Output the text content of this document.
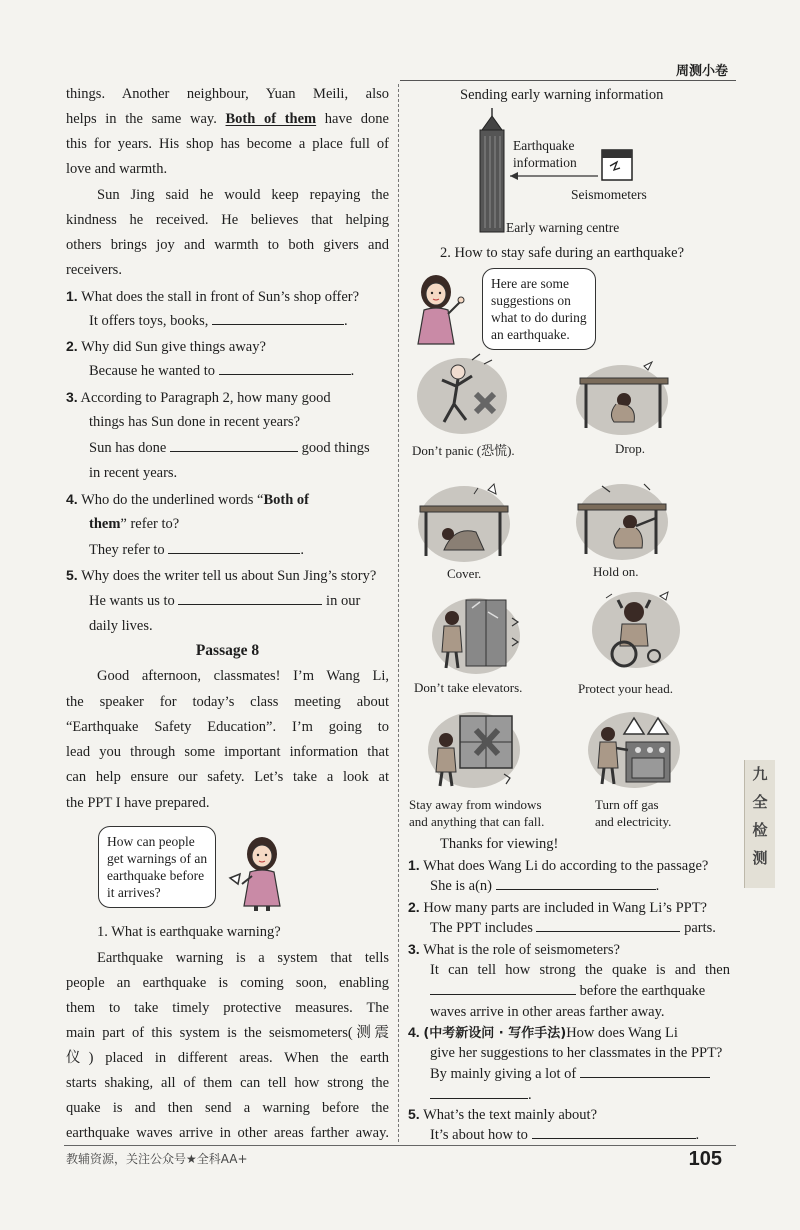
周测小卷
things. Another neighbour, Yuan Meili, also
helps in the same way. Both of them have done
this for years. His shop has become a place full of
love and warmth.
Sun Jing said he would keep repaying the
kindness he received. He believes that helping
others brings joy and warmth to both givers and
receivers.
1. What does the stall in front of Sun’s shop offer?
It offers toys, books,	.
2. Why did Sun give things away?
Because he wanted to	.
3. According to Paragraph 2, how many good
things has Sun done in recent years?
Sun has done	good things
in recent years.
4. Who do the underlined words “Both of
them” refer to?
They refer to	.
5. Why does the writer tell us about Sun Jing’s story?
He wants us to	in our
daily lives.
Passage 8
Good afternoon, classmates! I’m Wang Li,
the speaker for today’s class meeting about
“Earthquake Safety Education”. I’m going to
lead you through some important information that
can help ensure our safety. Let’s take a look at
the PPT I have prepared.
How can people
get warnings of an
earthquake before
it arrives?
1. What is earthquake warning?
Earthquake warning is a system that tells
people an earthquake is coming soon, enabling
them to take timely protective measures. The
main part of this system is the seismometers(测震
仪) placed in different areas. When the earth
starts shaking, all of them can tell how strong the
quake is and then send a warning before the
earthquake waves arrive in other areas farther away.
Sending early warning information
Earthquake
information
Seismometers
Early warning centre
2. How to stay safe during an earthquake?
Here are some
suggestions on
what to do during
an earthquake.
Don’t panic (恐慌).	Drop.
Cover.	Hold on.
Don’t take elevators.	Protect your head.
Stay away from windows
and anything that can fall.
Turn off gas
and electricity.
Thanks for viewing!
1. What does Wang Li do according to the passage?
She is a(n)	.
2. How many parts are included in Wang Li’s PPT?
The PPT includes	parts.
3. What is the role of seismometers?
It can tell how strong the quake is and then
before the earthquake
waves arrive in other areas farther away.
4. (中考新设问 · 写作手法)How does Wang Li
give her suggestions to her classmates in the PPT?
By mainly giving a lot of
.
5. What’s the text mainly about?
It’s about how to	.
九
全
检
测
教辅资源，关注公众号★全科AA+	105
